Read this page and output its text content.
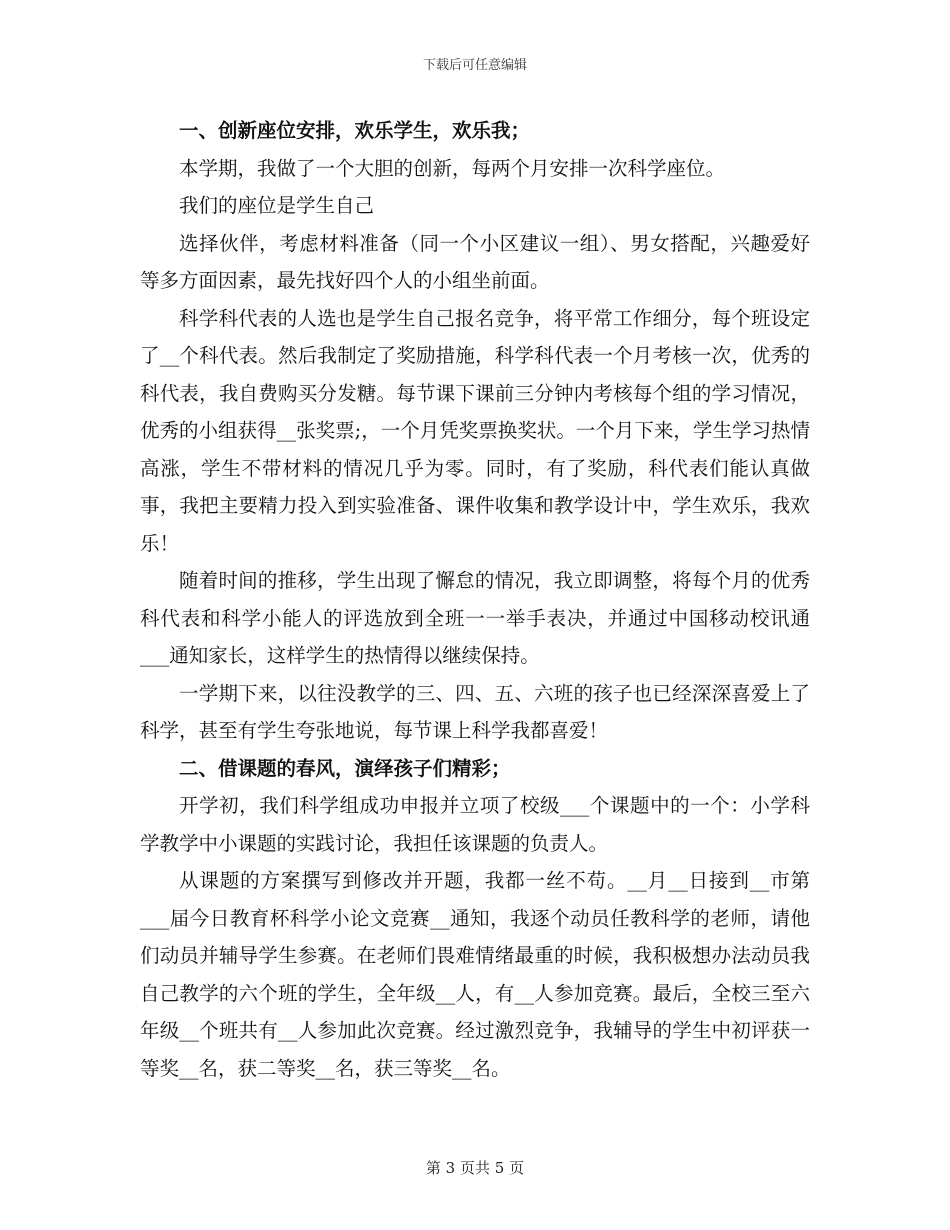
下载后可任意编辑
一、创新座位安排，欢乐学生，欢乐我；

本学期，我做了一个大胆的创新，每两个月安排一次科学座位。

我们的座位是学生自己

选择伙伴，考虑材料准备（同一个小区建议一组）、男女搭配，兴趣爱好等多方面因素，最先找好四个人的小组坐前面。

科学科代表的人选也是学生自己报名竞争，将平常工作细分，每个班设定了__个科代表。然后我制定了奖励措施，科学科代表一个月考核一次，优秀的科代表，我自费购买分发糖。每节课下课前三分钟内考核每个组的学习情况，优秀的小组获得__张奖票;，一个月凭奖票换奖状。一个月下来，学生学习热情高涨，学生不带材料的情况几乎为零。同时，有了奖励，科代表们能认真做事，我把主要精力投入到实验准备、课件收集和教学设计中，学生欢乐，我欢乐！

随着时间的推移，学生出现了懈怠的情况，我立即调整，将每个月的优秀科代表和科学小能人的评选放到全班一一举手表决，并通过中国移动校讯通___通知家长，这样学生的热情得以继续保持。

一学期下来，以往没教学的三、四、五、六班的孩子也已经深深喜爱上了科学，甚至有学生夸张地说，每节课上科学我都喜爱！

二、借课题的春风，演绎孩子们精彩；

开学初，我们科学组成功申报并立项了校级___个课题中的一个：小学科学教学中小课题的实践讨论，我担任该课题的负责人。

从课题的方案撰写到修改并开题，我都一丝不苟。__月__日接到__市第___届今日教育杯科学小论文竞赛__通知，我逐个动员任教科学的老师，请他们动员并辅导学生参赛。在老师们畏难情绪最重的时候，我积极想办法动员我自己教学的六个班的学生，全年级__人，有__人参加竞赛。最后，全校三至六年级__个班共有__人参加此次竞赛。经过激烈竞争，我辅导的学生中初评获一等奖__名，获二等奖__名，获三等奖__名。

第 3 页共 5 页
